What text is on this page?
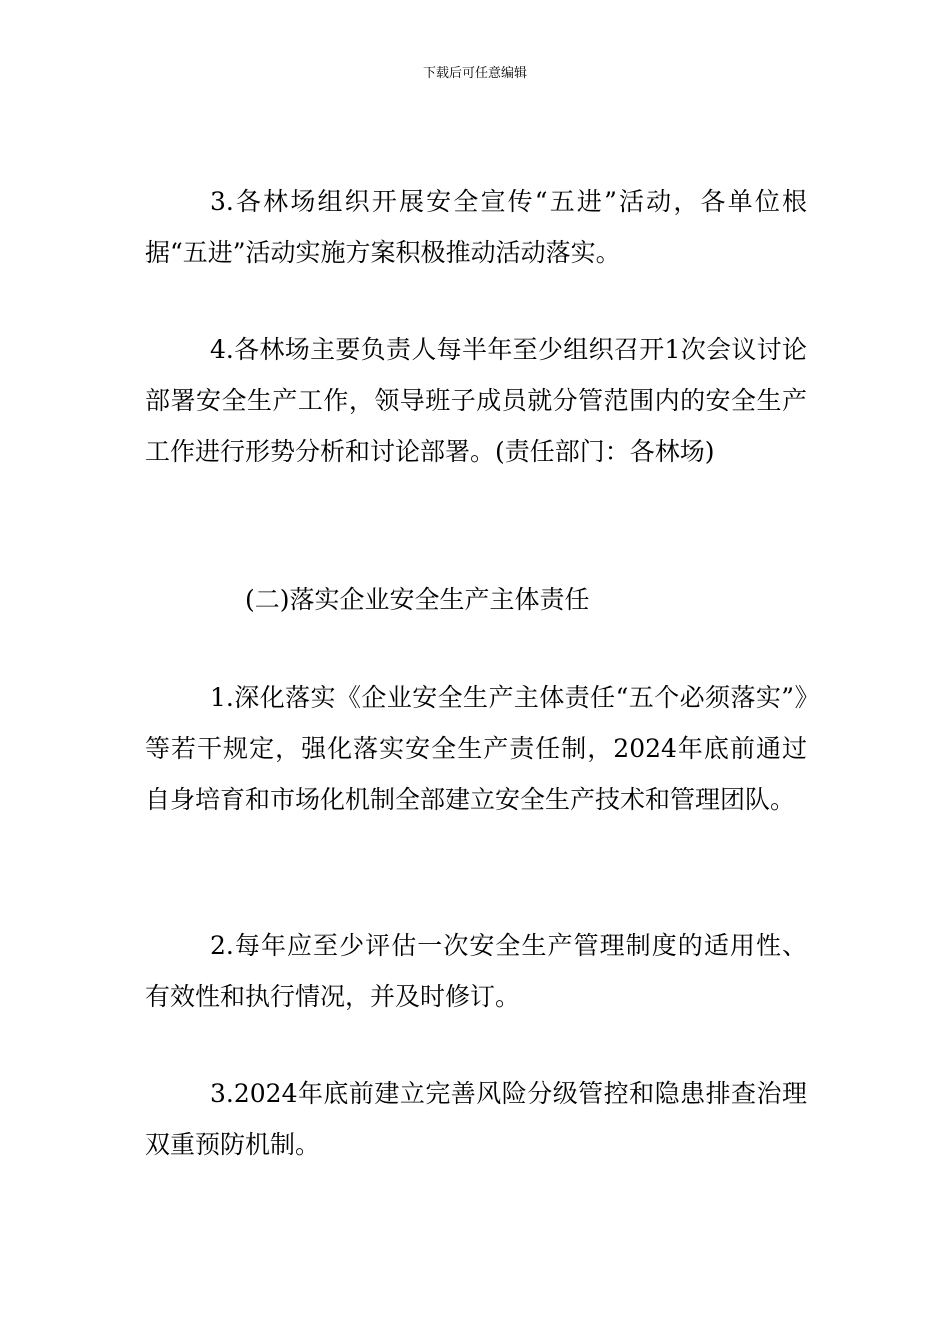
下载后可任意编辑

3.各林场组织开展安全宣传“五进”活动，各单位根据“五进”活动实施方案积极推动活动落实。

4.各林场主要负责人每半年至少组织召开1次会议讨论部署安全生产工作，领导班子成员就分管范围内的安全生产工作进行形势分析和讨论部署。(责任部门：各林场)

(二)落实企业安全生产主体责任

1.深化落实《企业安全生产主体责任“五个必须落实”》等若干规定，强化落实安全生产责任制，2024年底前通过自身培育和市场化机制全部建立安全生产技术和管理团队。

2.每年应至少评估一次安全生产管理制度的适用性、有效性和执行情况，并及时修订。

3.2024年底前建立完善风险分级管控和隐患排查治理双重预防机制。
